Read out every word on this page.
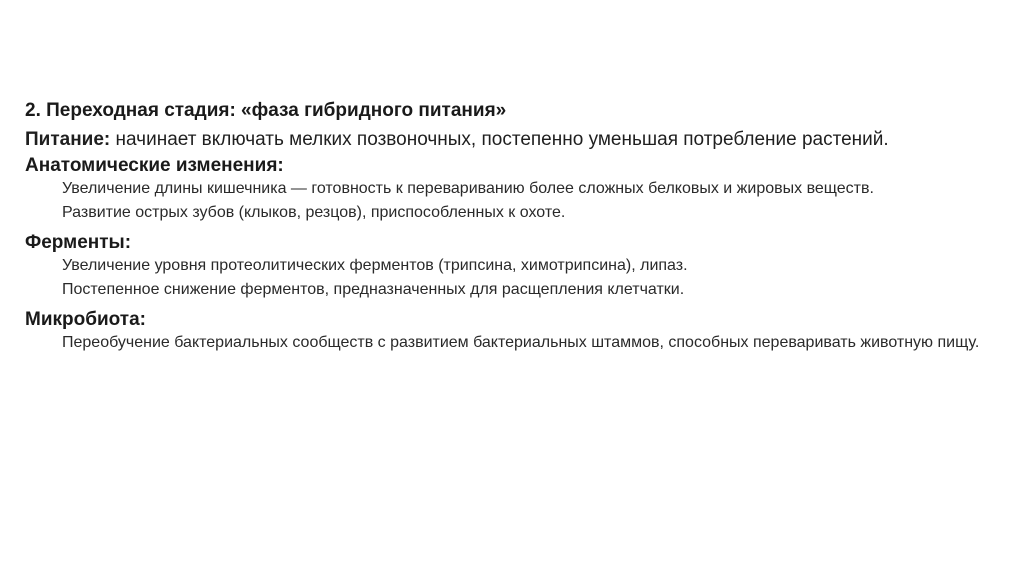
2. Переходная стадия: «фаза гибридного питания»
Питание: начинает включать мелких позвоночных, постепенно уменьшая потребление растений.
Анатомические изменения:
Увеличение длины кишечника — готовность к перевариванию более сложных белковых и жировых веществ.
Развитие острых зубов (клыков, резцов), приспособленных к охоте.
Ферменты:
Увеличение уровня протеолитических ферментов (трипсина, химотрипсина), липаз.
Постепенное снижение ферментов, предназначенных для расщепления клетчатки.
Микробиота:
Переобучение бактериальных сообществ с развитием бактериальных штаммов, способных переваривать животную пищу.
